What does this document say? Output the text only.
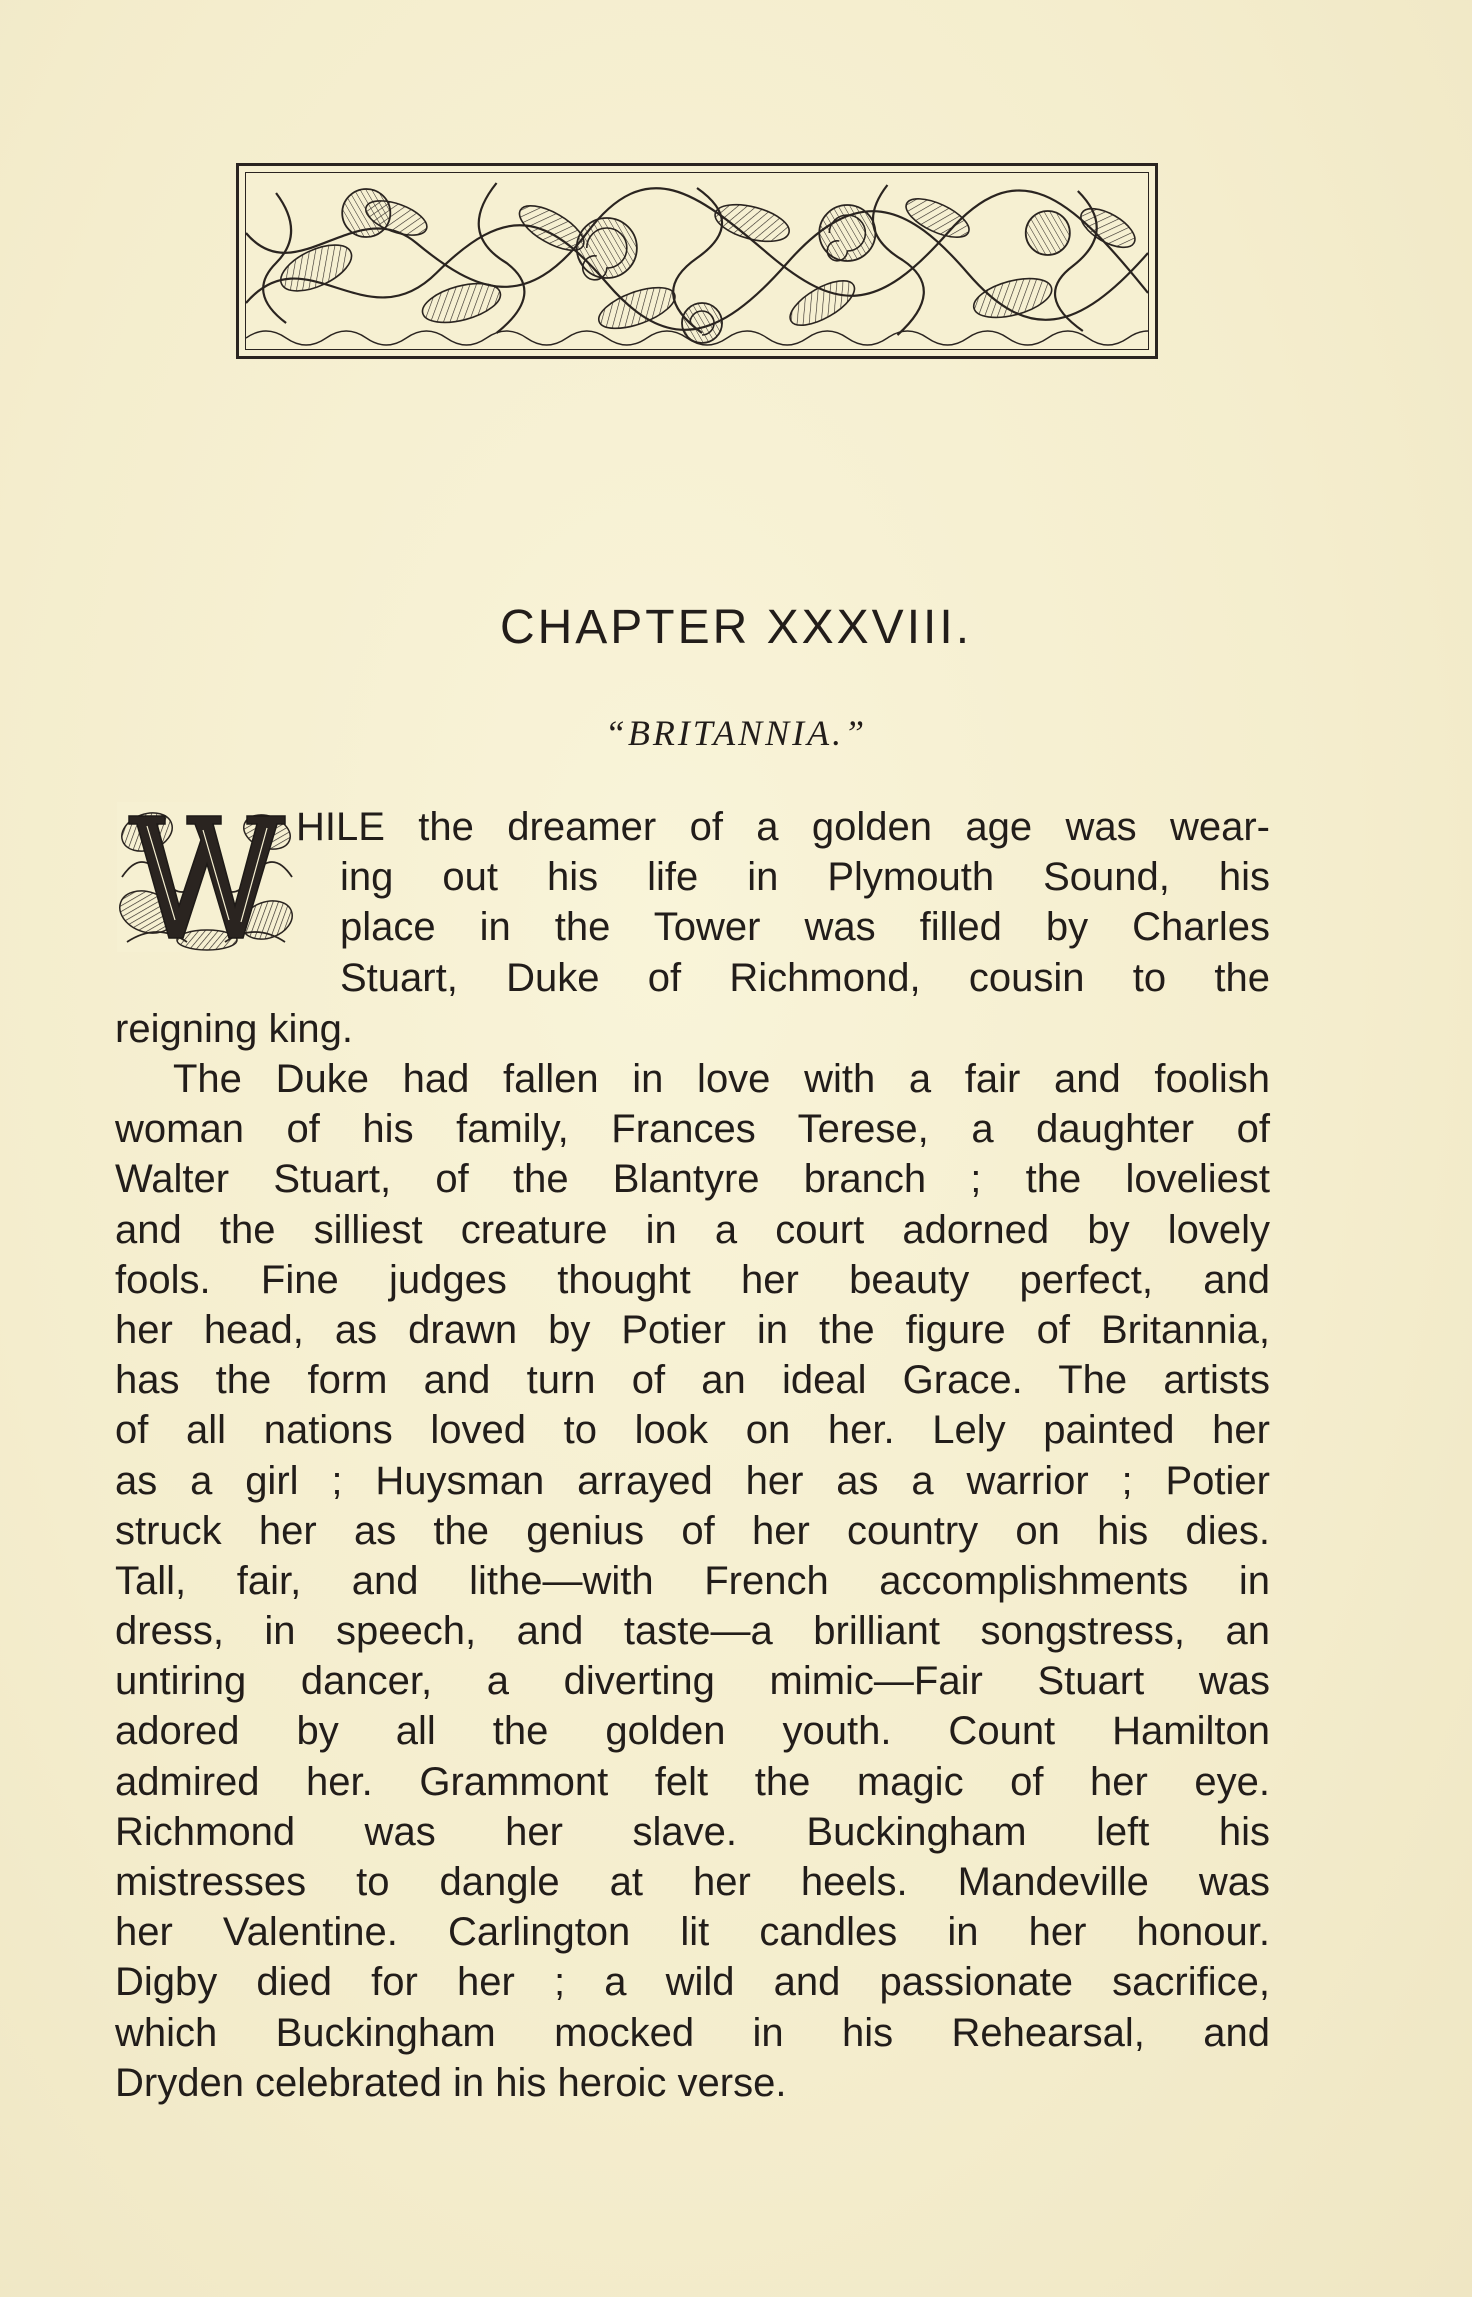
CHAPTER XXXVIII.
“BRITANNIA.”
HILE the dreamer of a golden age was wear-
ing out his life in Plymouth Sound, his
place in the Tower was filled by Charles
Stuart, Duke of Richmond, cousin to the
reigning king.
The Duke had fallen in love with a fair and foolish
woman of his family, Frances Terese, a daughter of
Walter Stuart, of the Blantyre branch ; the loveliest
and the silliest creature in a court adorned by lovely
fools. Fine judges thought her beauty perfect, and
her head, as drawn by Potier in the figure of Britannia,
has the form and turn of an ideal Grace. The artists
of all nations loved to look on her. Lely painted her
as a girl ; Huysman arrayed her as a warrior ; Potier
struck her as the genius of her country on his dies.
Tall, fair, and lithe—with French accomplishments in
dress, in speech, and taste—a brilliant songstress, an
untiring dancer, a diverting mimic—Fair Stuart was
adored by all the golden youth. Count Hamilton
admired her. Grammont felt the magic of her eye.
Richmond was her slave. Buckingham left his
mistresses to dangle at her heels. Mandeville was
her Valentine. Carlington lit candles in her honour.
Digby died for her ; a wild and passionate sacrifice,
which Buckingham mocked in his Rehearsal, and
Dryden celebrated in his heroic verse.
